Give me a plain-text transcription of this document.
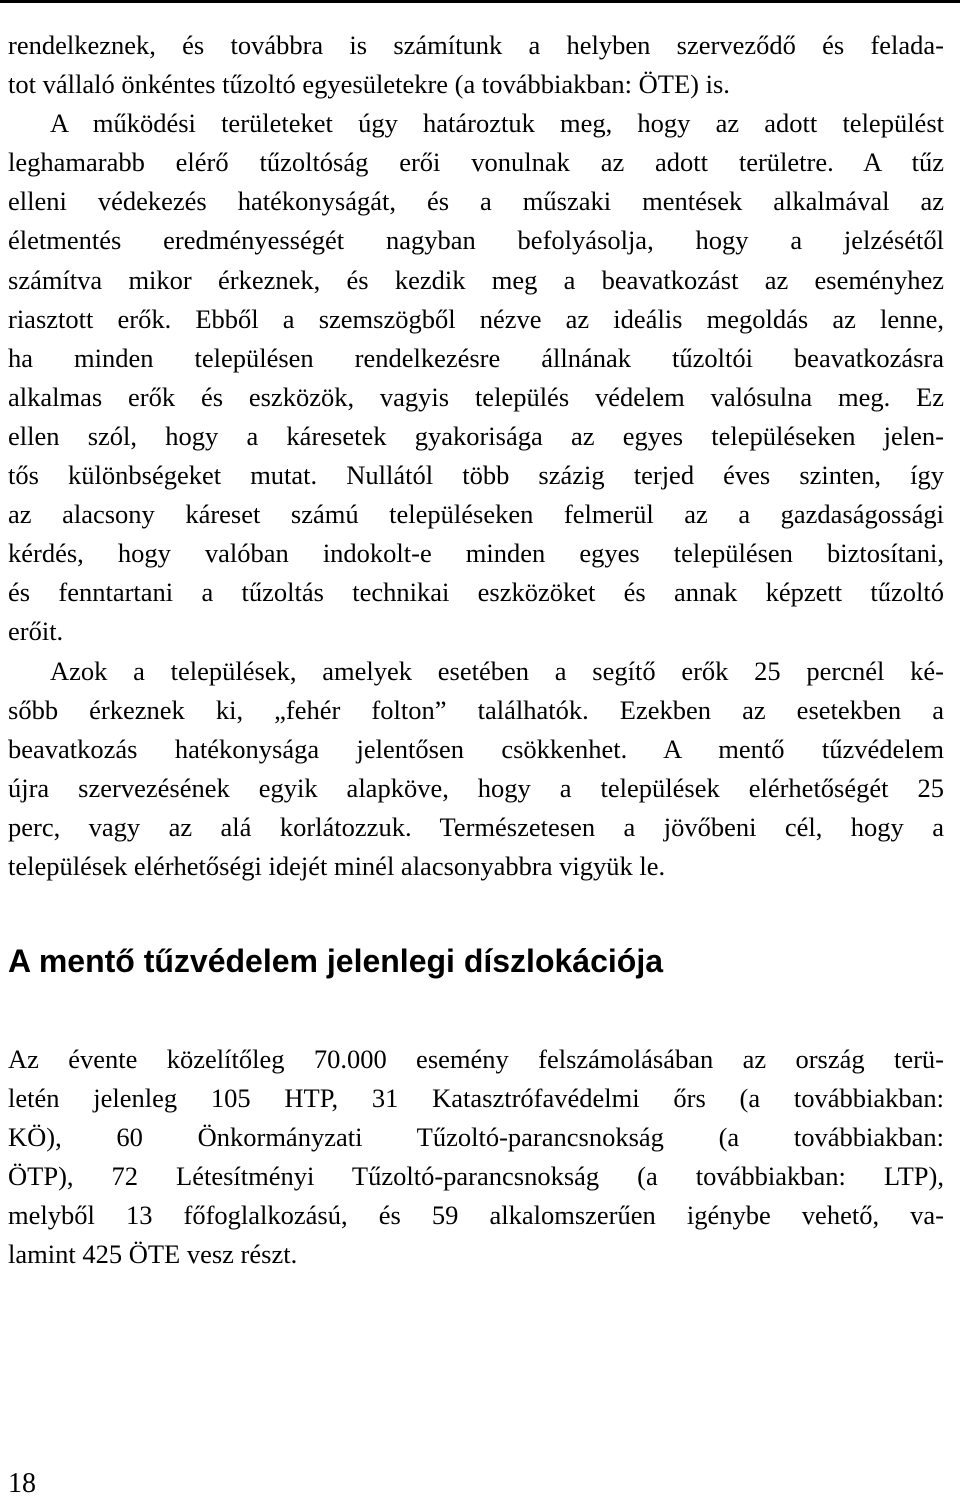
rendelkeznek, és továbbra is számítunk a helyben szerveződő és felada-
tot vállaló önkéntes tűzoltó egyesületekre (a továbbiakban: ÖTE) is.
A működési területeket úgy határoztuk meg, hogy az adott települést
leghamarabb elérő tűzoltóság erői vonulnak az adott területre. A tűz
elleni védekezés hatékonyságát, és a műszaki mentések alkalmával az
életmentés eredményességét nagyban befolyásolja, hogy a jelzésétől
számítva mikor érkeznek, és kezdik meg a beavatkozást az eseményhez
riasztott erők. Ebből a szemszögből nézve az ideális megoldás az lenne,
ha minden településen rendelkezésre állnának tűzoltói beavatkozásra
alkalmas erők és eszközök, vagyis település védelem valósulna meg. Ez
ellen szól, hogy a káresetek gyakorisága az egyes településeken jelen-
tős különbségeket mutat. Nullától több százig terjed éves szinten, így
az alacsony káreset számú településeken felmerül az a gazdaságossági
kérdés, hogy valóban indokolt-e minden egyes településen biztosítani,
és fenntartani a tűzoltás technikai eszközöket és annak képzett tűzoltó
erőit.
Azok a települések, amelyek esetében a segítő erők 25 percnél ké-
sőbb érkeznek ki, „fehér folton” találhatók. Ezekben az esetekben a
beavatkozás hatékonysága jelentősen csökkenhet. A mentő tűzvédelem
újra szervezésének egyik alapköve, hogy a települések elérhetőségét 25
perc, vagy az alá korlátozzuk. Természetesen a jövőbeni cél, hogy a
települések elérhetőségi idejét minél alacsonyabbra vigyük le.
A mentő tűzvédelem jelenlegi díszlokációja
Az évente közelítőleg 70.000 esemény felszámolásában az ország terü-
letén jelenleg 105 HTP, 31 Katasztrófavédelmi őrs (a továbbiakban:
KÖ), 60 Önkormányzati Tűzoltó-parancsnokság (a továbbiakban:
ÖTP), 72 Létesítményi Tűzoltó-parancsnokság (a továbbiakban: LTP),
melyből 13 főfoglalkozású, és 59 alkalomszerűen igénybe vehető, va-
lamint 425 ÖTE vesz részt.
18
